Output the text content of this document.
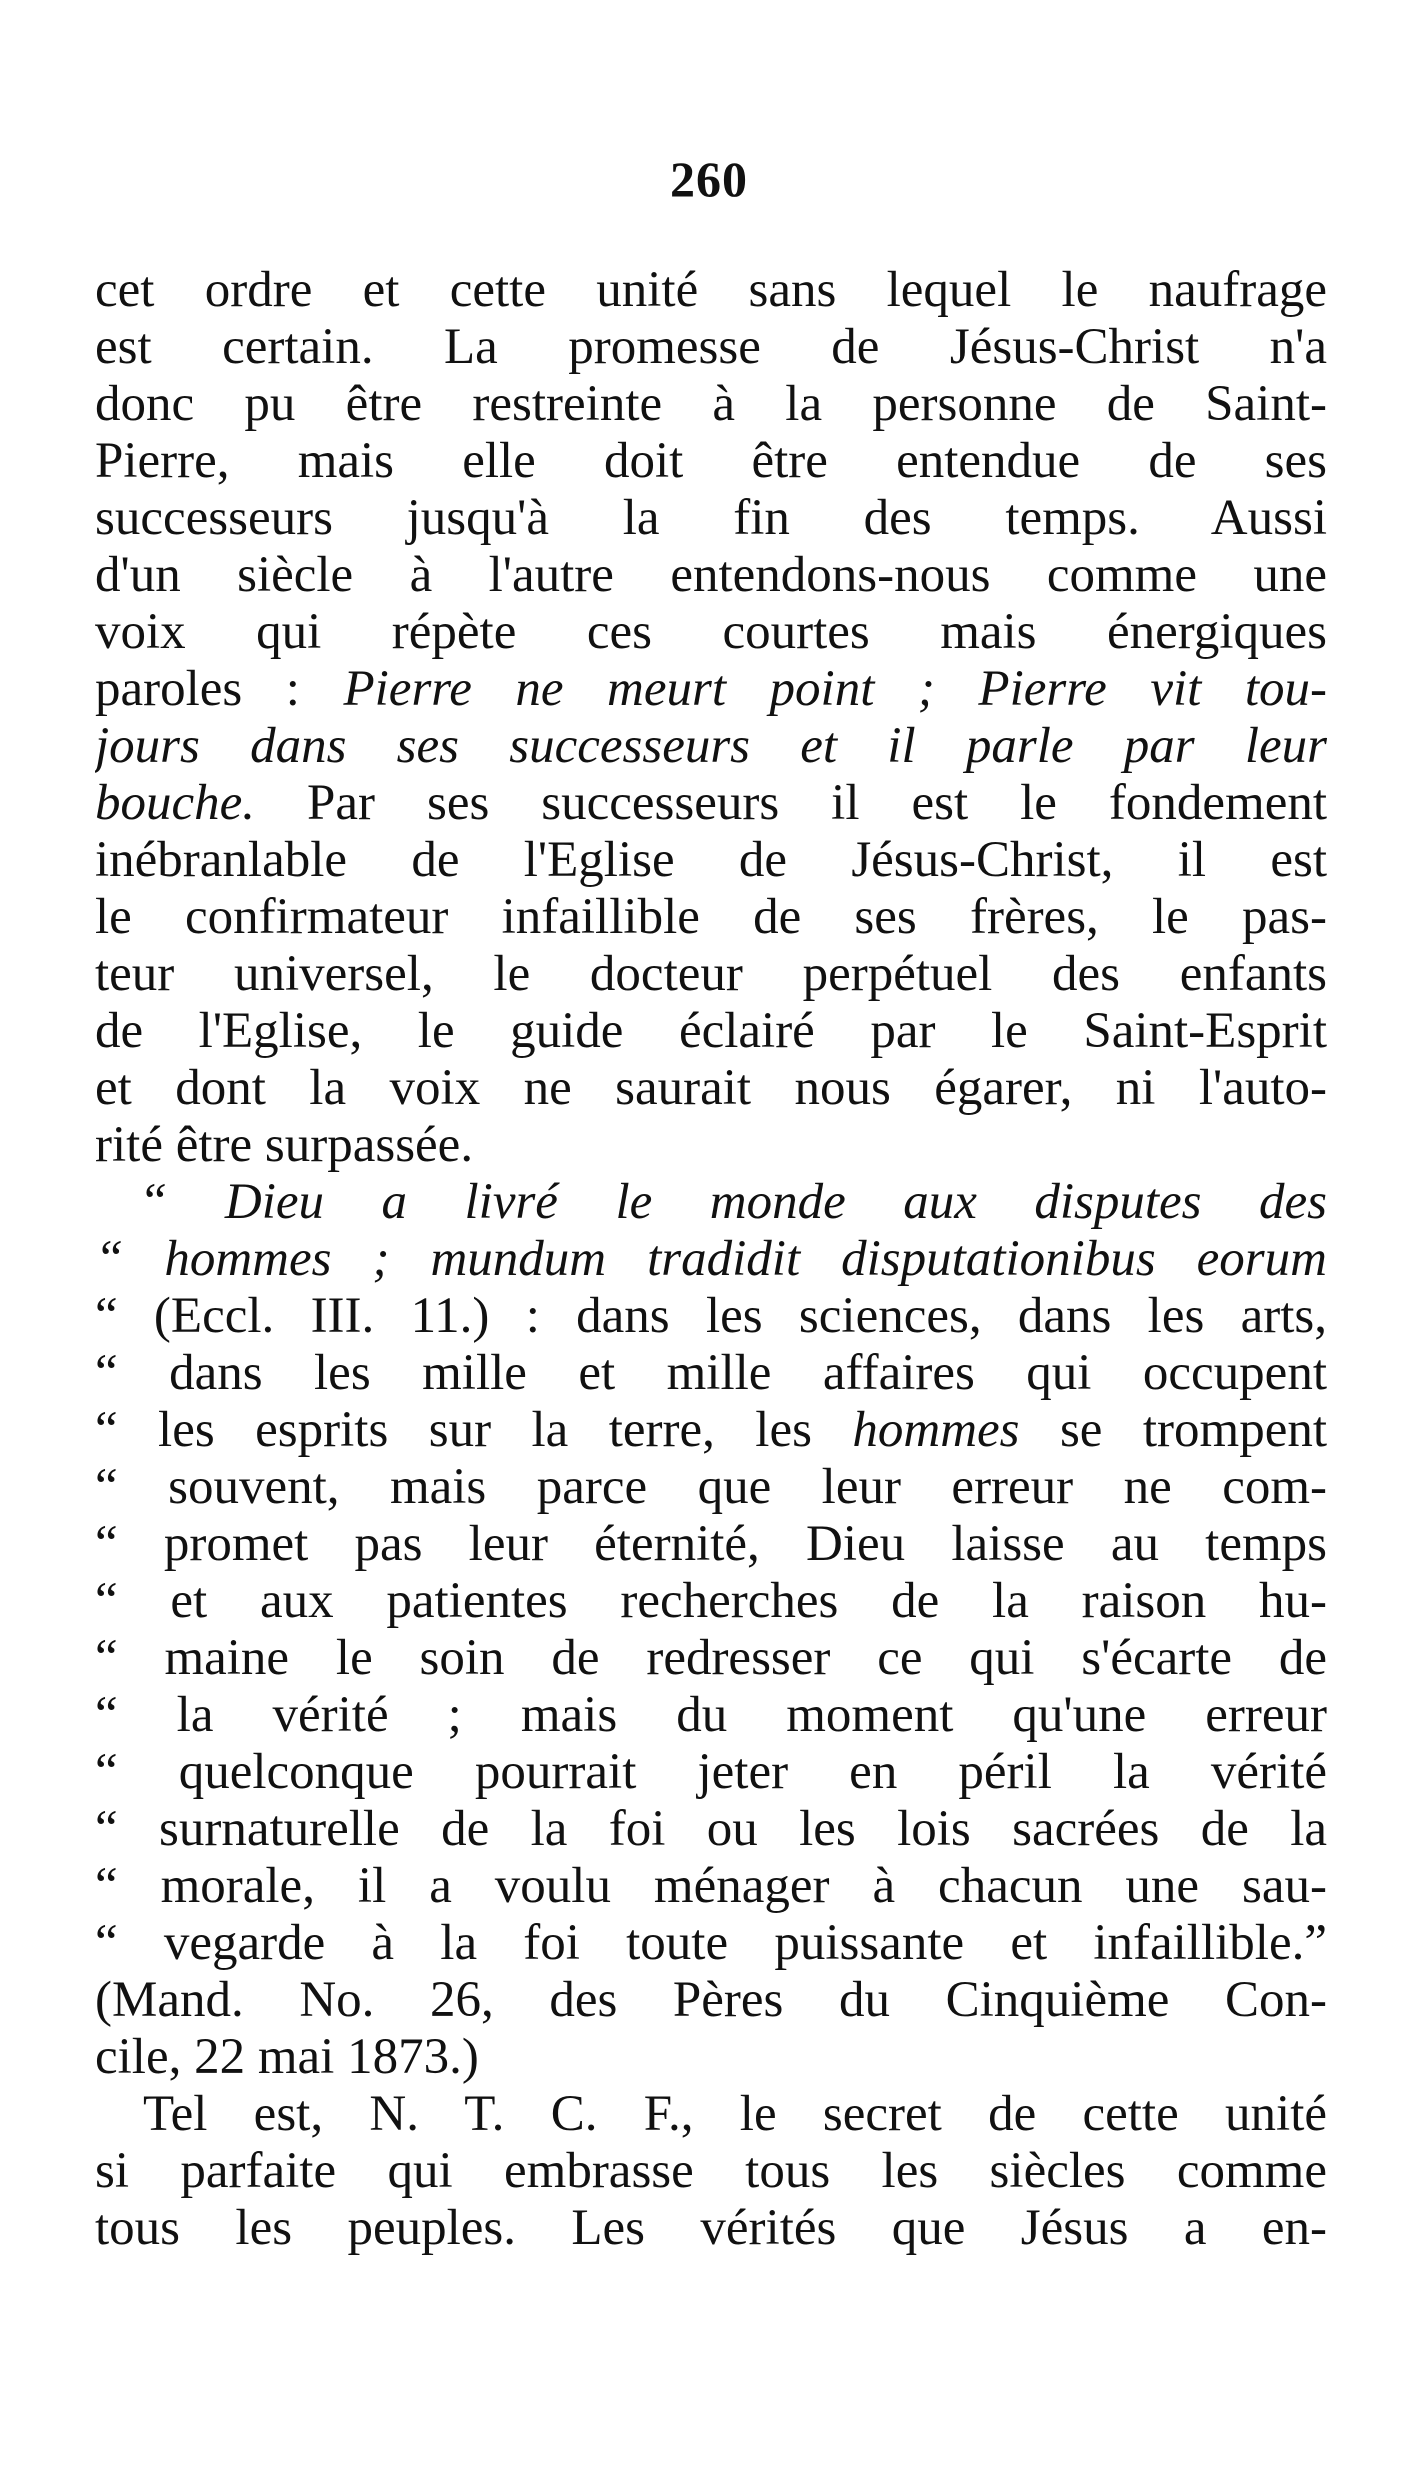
260
cet ordre et cette unité sans lequel le naufrage
est certain. La promesse de Jésus-Christ n'a
donc pu être restreinte à la personne de Saint-
Pierre, mais elle doit être entendue de ses
successeurs jusqu'à la fin des temps. Aussi
d'un siècle à l'autre entendons-nous comme une
voix qui répète ces courtes mais énergiques
paroles : Pierre ne meurt point ; Pierre vit tou-
jours dans ses successeurs et il parle par leur
bouche. Par ses successeurs il est le fondement
inébranlable de l'Eglise de Jésus-Christ, il est
le confirmateur infaillible de ses frères, le pas-
teur universel, le docteur perpétuel des enfants
de l'Eglise, le guide éclairé par le Saint-Esprit
et dont la voix ne saurait nous égarer, ni l'auto-
rité être surpassée.
“ Dieu a livré le monde aux disputes des
“ hommes ; mundum tradidit disputationibus eorum
“ (Eccl. III. 11.) : dans les sciences, dans les arts,
“ dans les mille et mille affaires qui occupent
“ les esprits sur la terre, les hommes se trompent
“ souvent, mais parce que leur erreur ne com-
“ promet pas leur éternité, Dieu laisse au temps
“ et aux patientes recherches de la raison hu-
“ maine le soin de redresser ce qui s'écarte de
“ la vérité ; mais du moment qu'une erreur
“ quelconque pourrait jeter en péril la vérité
“ surnaturelle de la foi ou les lois sacrées de la
“ morale, il a voulu ménager à chacun une sau-
“ vegarde à la foi toute puissante et infaillible.”
(Mand. No. 26, des Pères du Cinquième Con-
cile, 22 mai 1873.)
Tel est, N. T. C. F., le secret de cette unité
si parfaite qui embrasse tous les siècles comme
tous les peuples. Les vérités que Jésus a en-
